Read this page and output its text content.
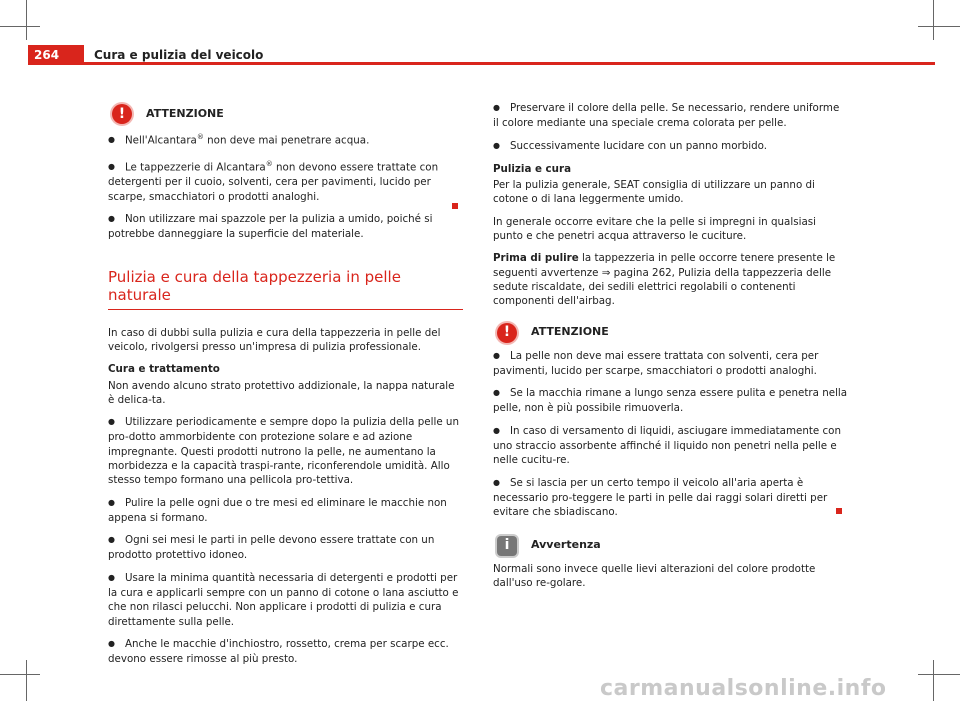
264	Cura e pulizia del veicolo
!	ATTENZIONE

● Nell'Alcantara® non deve mai penetrare acqua.

● Le tappezzerie di Alcantara® non devono essere trattate con detergenti per il cuoio, solventi, cera per pavimenti, lucido per scarpe, smacchiatori o prodotti analoghi.

● Non utilizzare mai spazzole per la pulizia a umido, poiché si potrebbe danneggiare la superficie del materiale.

Pulizia e cura della tappezzeria in pelle naturale

In caso di dubbi sulla pulizia e cura della tappezzeria in pelle del veicolo, rivolgersi presso un'impresa di pulizia professionale.

Cura e trattamento

Non avendo alcuno strato protettivo addizionale, la nappa naturale è delica-ta.

● Utilizzare periodicamente e sempre dopo la pulizia della pelle un pro-dotto ammorbidente con protezione solare e ad azione impregnante. Questi prodotti nutrono la pelle, ne aumentano la morbidezza e la capacità traspi-rante, riconferendole umidità. Allo stesso tempo formano una pellicola pro-tettiva.

● Pulire la pelle ogni due o tre mesi ed eliminare le macchie non appena si formano.

● Ogni sei mesi le parti in pelle devono essere trattate con un prodotto protettivo idoneo.

● Usare la minima quantità necessaria di detergenti e prodotti per la cura e applicarli sempre con un panno di cotone o lana asciutto e che non rilasci pelucchi. Non applicare i prodotti di pulizia e cura direttamente sulla pelle.

● Anche le macchie d'inchiostro, rossetto, crema per scarpe ecc. devono essere rimosse al più presto.

● Preservare il colore della pelle. Se necessario, rendere uniforme il colore mediante una speciale crema colorata per pelle.

● Successivamente lucidare con un panno morbido.

Pulizia e cura

Per la pulizia generale, SEAT consiglia di utilizzare un panno di cotone o di lana leggermente umido.

In generale occorre evitare che la pelle si impregni in qualsiasi punto e che penetri acqua attraverso le cuciture.

Prima di pulire la tappezzeria in pelle occorre tenere presente le seguenti avvertenze ⇒ pagina 262, Pulizia della tappezzeria delle sedute riscaldate, dei sedili elettrici regolabili o contenenti componenti dell'airbag.

!	ATTENZIONE

● La pelle non deve mai essere trattata con solventi, cera per pavimenti, lucido per scarpe, smacchiatori o prodotti analoghi.

● Se la macchia rimane a lungo senza essere pulita e penetra nella pelle, non è più possibile rimuoverla.

● In caso di versamento di liquidi, asciugare immediatamente con uno straccio assorbente affinché il liquido non penetri nella pelle e nelle cucitu-re.

● Se si lascia per un certo tempo il veicolo all'aria aperta è necessario pro-teggere le parti in pelle dai raggi solari diretti per evitare che sbiadiscano.

i	Avvertenza

Normali sono invece quelle lievi alterazioni del colore prodotte dall'uso re-golare.

carmanualsonline.info
